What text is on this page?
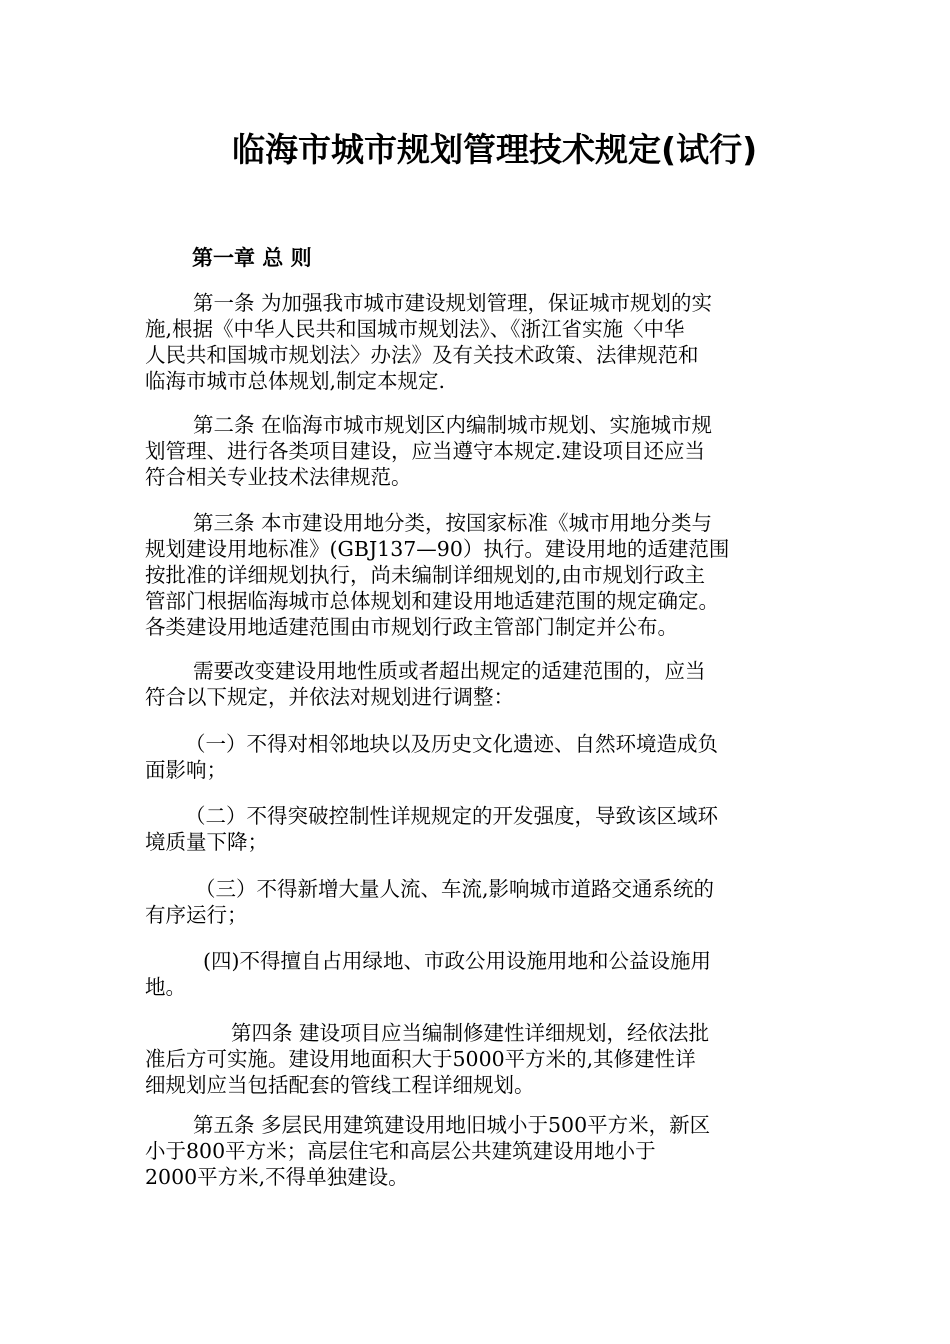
临海市城市规划管理技术规定(试行)
第一章 总 则
第一条 为加强我市城市建设规划管理，保证城市规划的实
施,根据《中华人民共和国城市规划法》、《浙江省实施〈中华
人民共和国城市规划法〉办法》及有关技术政策、法律规范和
临海市城市总体规划,制定本规定.
第二条 在临海市城市规划区内编制城市规划、实施城市规
划管理、进行各类项目建设，应当遵守本规定.建设项目还应当
符合相关专业技术法律规范。
第三条 本市建设用地分类，按国家标准《城市用地分类与
规划建设用地标准》(GBJ137—90）执行。建设用地的适建范围
按批准的详细规划执行，尚未编制详细规划的,由市规划行政主
管部门根据临海城市总体规划和建设用地适建范围的规定确定。
各类建设用地适建范围由市规划行政主管部门制定并公布。
需要改变建设用地性质或者超出规定的适建范围的，应当
符合以下规定，并依法对规划进行调整：
（一）不得对相邻地块以及历史文化遗迹、自然环境造成负
面影响；
（二）不得突破控制性详规规定的开发强度，导致该区域环
境质量下降；
（三）不得新增大量人流、车流,影响城市道路交通系统的
有序运行；
(四)不得擅自占用绿地、市政公用设施用地和公益设施用
地。
第四条 建设项目应当编制修建性详细规划，经依法批
准后方可实施。建设用地面积大于5000平方米的,其修建性详
细规划应当包括配套的管线工程详细规划。
第五条 多层民用建筑建设用地旧城小于500平方米，新区
小于800平方米；高层住宅和高层公共建筑建设用地小于
2000平方米,不得单独建设。
